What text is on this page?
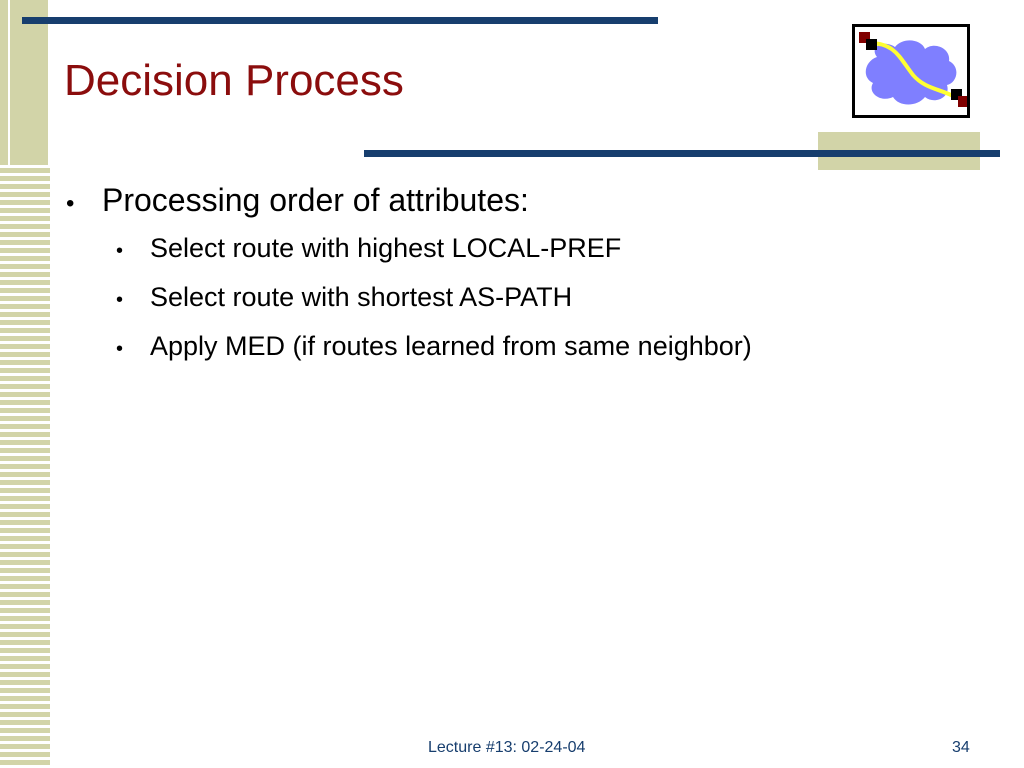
Decision Process
• Processing order of attributes:
• Select route with highest LOCAL-PREF
• Select route with shortest AS-PATH
• Apply MED (if routes learned from same neighbor)
Lecture #13: 02-24-04	34
